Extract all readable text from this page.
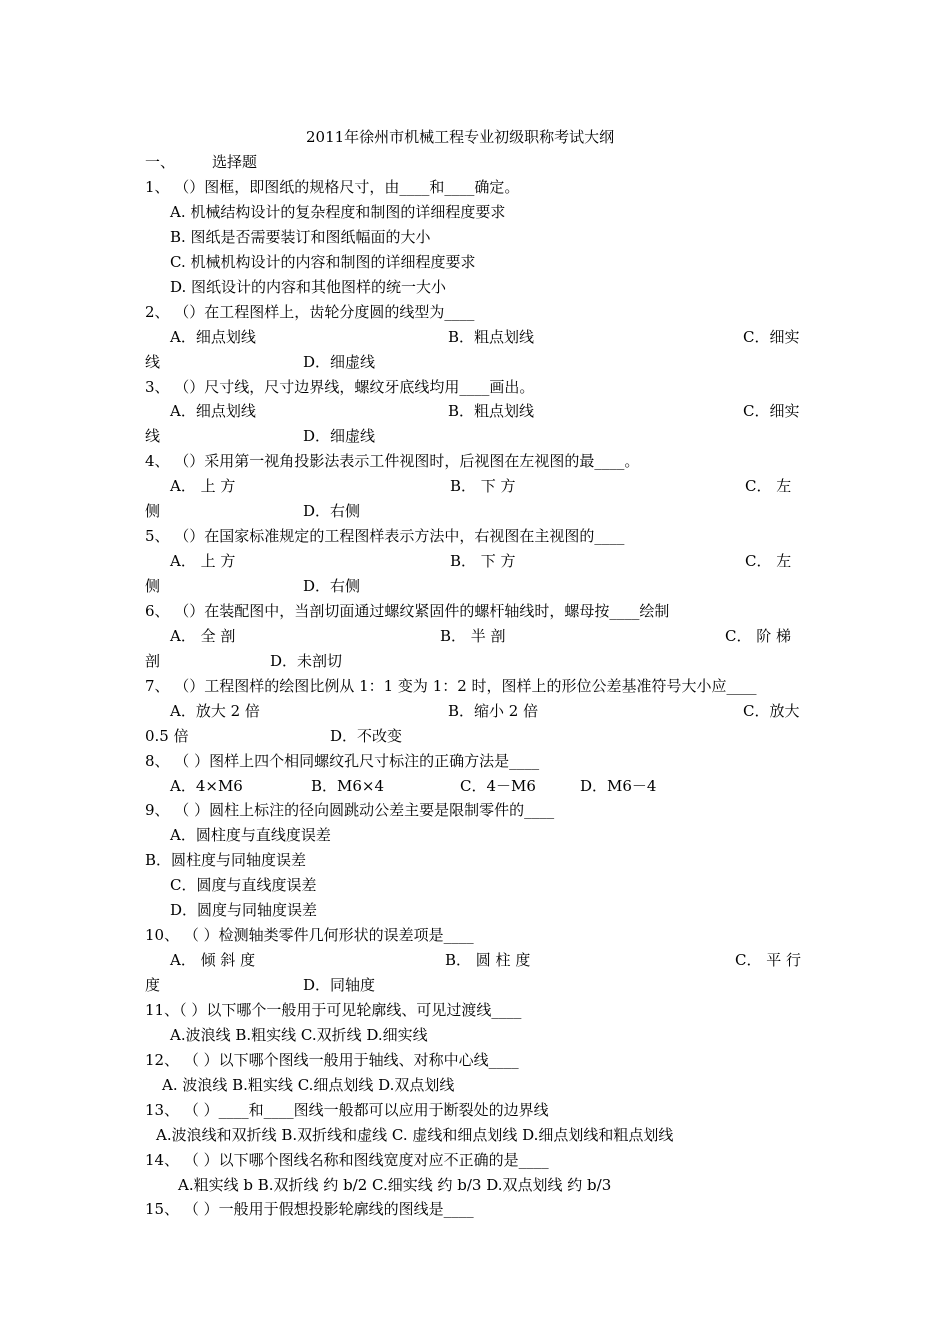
2011年徐州市机械工程专业初级职称考试大纲
一、 选择题
1、 （）图框，即图纸的规格尺寸，由____和____确定。
A. 机械结构设计的复杂程度和制图的详细程度要求
B. 图纸是否需要装订和图纸幅面的大小
C. 机械机构设计的内容和制图的详细程度要求
D. 图纸设计的内容和其他图样的统一大小
2、 （）在工程图样上，齿轮分度圆的线型为____
A．细点划线	B．粗点划线	C．细实
线	D．细虚线
3、 （）尺寸线，尺寸边界线，螺纹牙底线均用____画出。
A．细点划线	B．粗点划线	C．细实
线	D．细虚线
4、 （）采用第一视角投影法表示工件视图时，后视图在左视图的最____。
A． 上 方	B． 下 方	C． 左
侧	D．右侧
5、 （）在国家标准规定的工程图样表示方法中，右视图在主视图的____
A． 上 方	B． 下 方	C． 左
侧	D．右侧
6、 （）在装配图中，当剖切面通过螺纹紧固件的螺杆轴线时，螺母按____绘制
A． 全 剖	B． 半 剖	C． 阶 梯
剖	D．未剖切
7、 （）工程图样的绘图比例从 1：1 变为 1：2 时，图样上的形位公差基准符号大小应____
A．放大 2 倍	B．缩小 2 倍	C．放大
0.5 倍	D．不改变
8、 （ ）图样上四个相同螺纹孔尺寸标注的正确方法是____
A．4×M6	B．M6×4	C．4－M6	D．M6－4
9、 （ ）圆柱上标注的径向圆跳动公差主要是限制零件的____
A．圆柱度与直线度误差
B．圆柱度与同轴度误差
C．圆度与直线度误差
D．圆度与同轴度误差
10、 （ ）检测轴类零件几何形状的误差项是____
A． 倾 斜 度	B． 圆 柱 度	C． 平 行
度	D．同轴度
11、（ ）以下哪个一般用于可见轮廓线、可见过渡线____
A.波浪线 B.粗实线 C.双折线 D.细实线
12、 （ ）以下哪个图线一般用于轴线、对称中心线____
A. 波浪线 B.粗实线 C.细点划线 D.双点划线
13、 （ ）____和____图线一般都可以应用于断裂处的边界线
A.波浪线和双折线 B.双折线和虚线 C. 虚线和细点划线 D.细点划线和粗点划线
14、 （ ）以下哪个图线名称和图线宽度对应不正确的是____
A.粗实线 b B.双折线 约 b/2 C.细实线 约 b/3 D.双点划线 约 b/3
15、 （ ）一般用于假想投影轮廓线的图线是____
